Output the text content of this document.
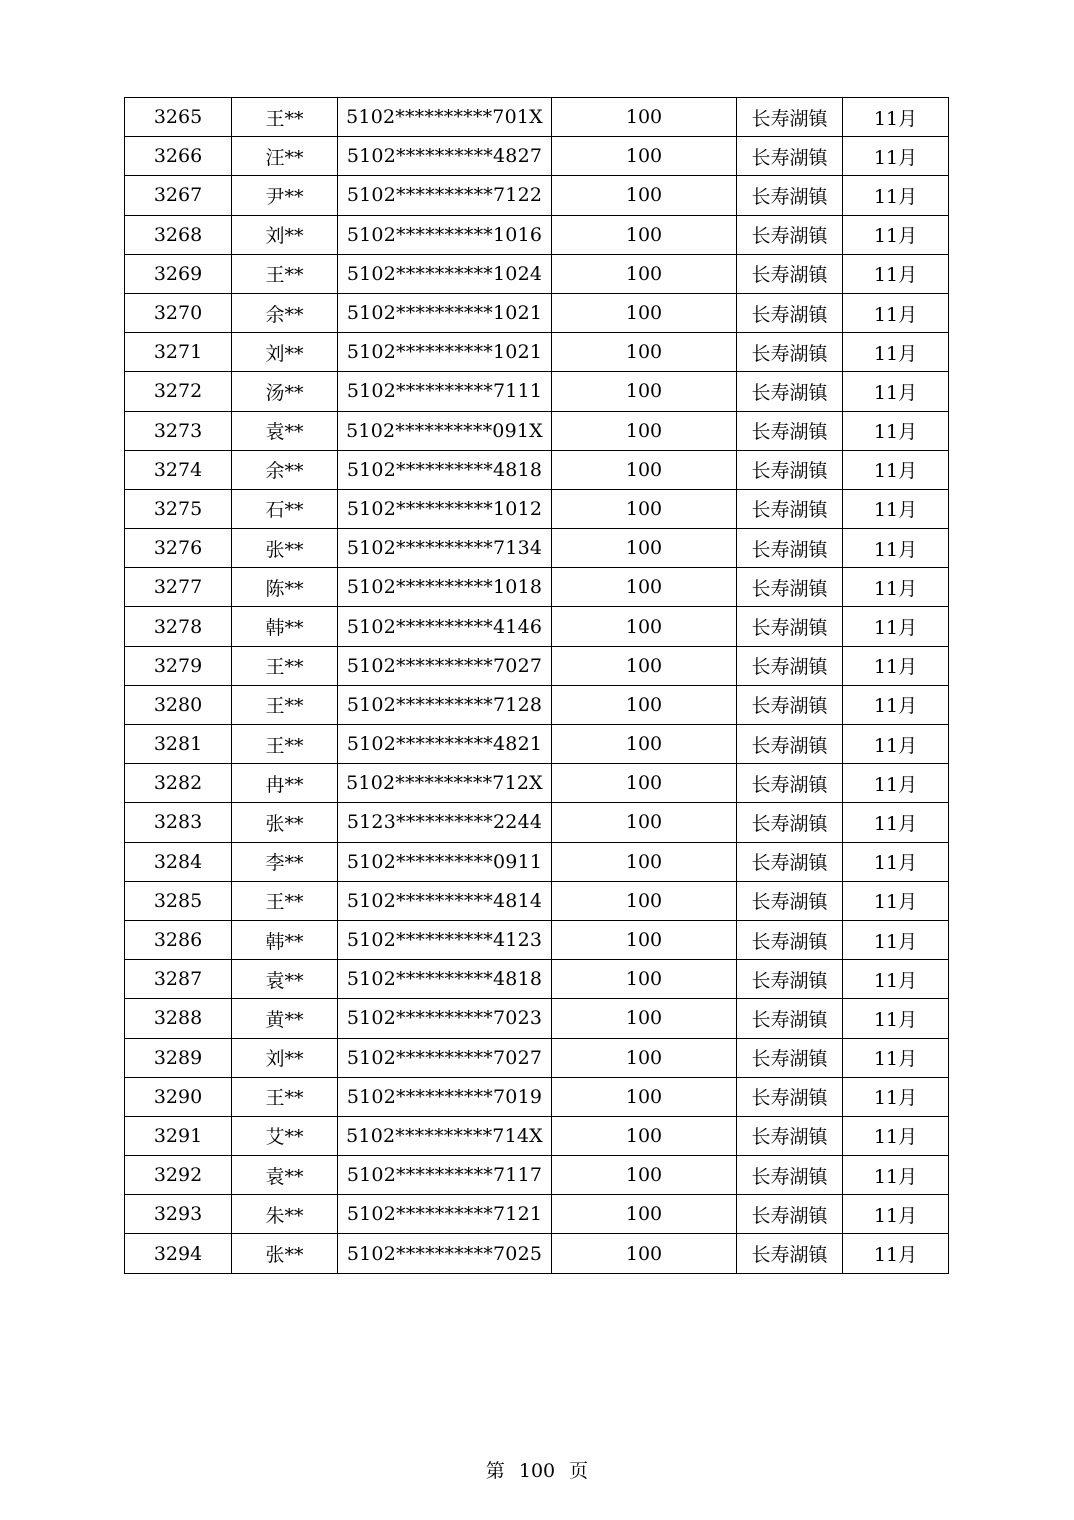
3265	王**	5102**********701X	100	长寿湖镇	11月
3266	汪**	5102**********4827	100	长寿湖镇	11月
3267	尹**	5102**********7122	100	长寿湖镇	11月
3268	刘**	5102**********1016	100	长寿湖镇	11月
3269	王**	5102**********1024	100	长寿湖镇	11月
3270	余**	5102**********1021	100	长寿湖镇	11月
3271	刘**	5102**********1021	100	长寿湖镇	11月
3272	汤**	5102**********7111	100	长寿湖镇	11月
3273	袁**	5102**********091X	100	长寿湖镇	11月
3274	余**	5102**********4818	100	长寿湖镇	11月
3275	石**	5102**********1012	100	长寿湖镇	11月
3276	张**	5102**********7134	100	长寿湖镇	11月
3277	陈**	5102**********1018	100	长寿湖镇	11月
3278	韩**	5102**********4146	100	长寿湖镇	11月
3279	王**	5102**********7027	100	长寿湖镇	11月
3280	王**	5102**********7128	100	长寿湖镇	11月
3281	王**	5102**********4821	100	长寿湖镇	11月
3282	冉**	5102**********712X	100	长寿湖镇	11月
3283	张**	5123**********2244	100	长寿湖镇	11月
3284	李**	5102**********0911	100	长寿湖镇	11月
3285	王**	5102**********4814	100	长寿湖镇	11月
3286	韩**	5102**********4123	100	长寿湖镇	11月
3287	袁**	5102**********4818	100	长寿湖镇	11月
3288	黄**	5102**********7023	100	长寿湖镇	11月
3289	刘**	5102**********7027	100	长寿湖镇	11月
3290	王**	5102**********7019	100	长寿湖镇	11月
3291	艾**	5102**********714X	100	长寿湖镇	11月
3292	袁**	5102**********7117	100	长寿湖镇	11月
3293	朱**	5102**********7121	100	长寿湖镇	11月
3294	张**	5102**********7025	100	长寿湖镇	11月
第 100 页
